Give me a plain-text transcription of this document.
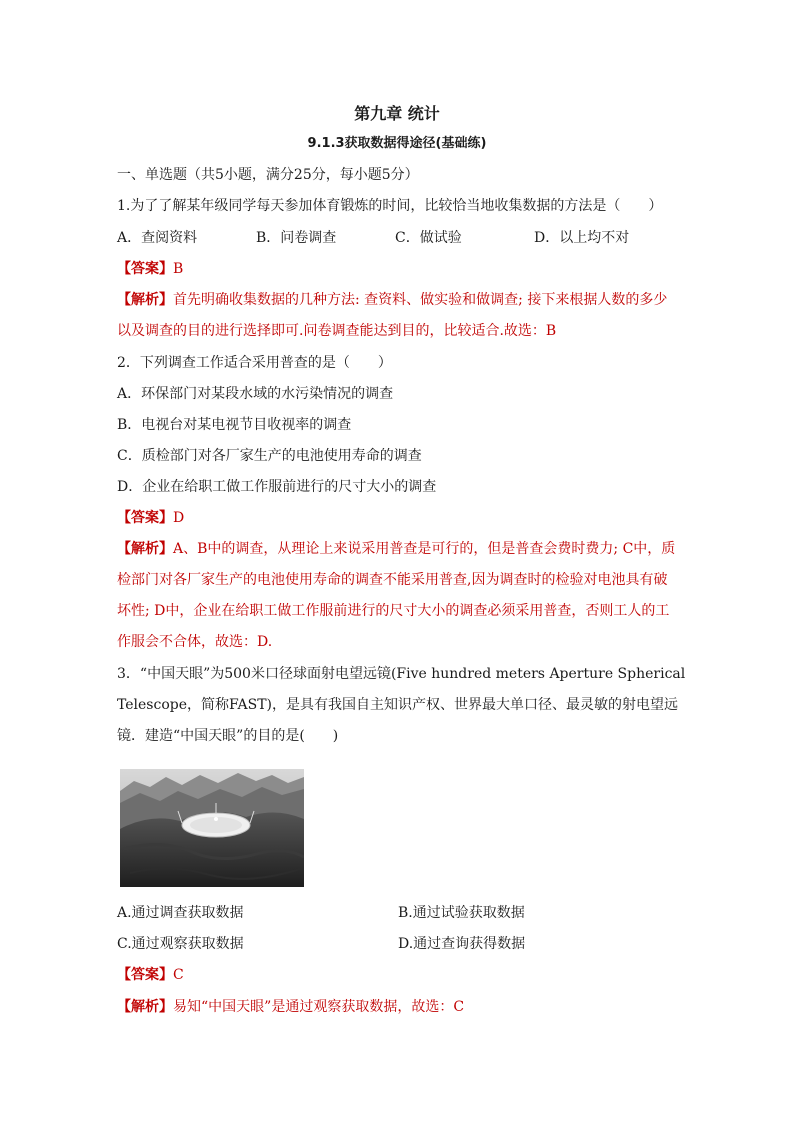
第九章 统计
9.1.3获取数据得途径(基础练)
一、单选题（共5小题，满分25分，每小题5分）
1.为了了解某年级同学每天参加体育锻炼的时间，比较恰当地收集数据的方法是（　　）
A．查阅资料	B．问卷调查	C．做试验	D．以上均不对
【答案】B
【解析】首先明确收集数据的几种方法: 查资料、做实验和做调查; 接下来根据人数的多少
以及调查的目的进行选择即可.问卷调查能达到目的，比较适合.故选：B
2．下列调查工作适合采用普查的是（　　）
A．环保部门对某段水域的水污染情况的调查
B．电视台对某电视节目收视率的调查
C．质检部门对各厂家生产的电池使用寿命的调查
D．企业在给职工做工作服前进行的尺寸大小的调查
【答案】D
【解析】A、B中的调查，从理论上来说采用普查是可行的，但是普查会费时费力; C中，质
检部门对各厂家生产的电池使用寿命的调查不能采用普查,因为调查时的检验对电池具有破
坏性; D中，企业在给职工做工作服前进行的尺寸大小的调查必须采用普查，否则工人的工
作服会不合体，故选：D.
3．“中国天眼”为500米口径球面射电望远镜(Five hundred meters Aperture Spherical
Telescope，简称FAST)，是具有我国自主知识产权、世界最大单口径、最灵敏的射电望远
镜．建造“中国天眼”的目的是(　　)
A.通过调查获取数据	B.通过试验获取数据
C.通过观察获取数据	D.通过查询获得数据
【答案】C
【解析】易知“中国天眼”是通过观察获取数据，故选：C
